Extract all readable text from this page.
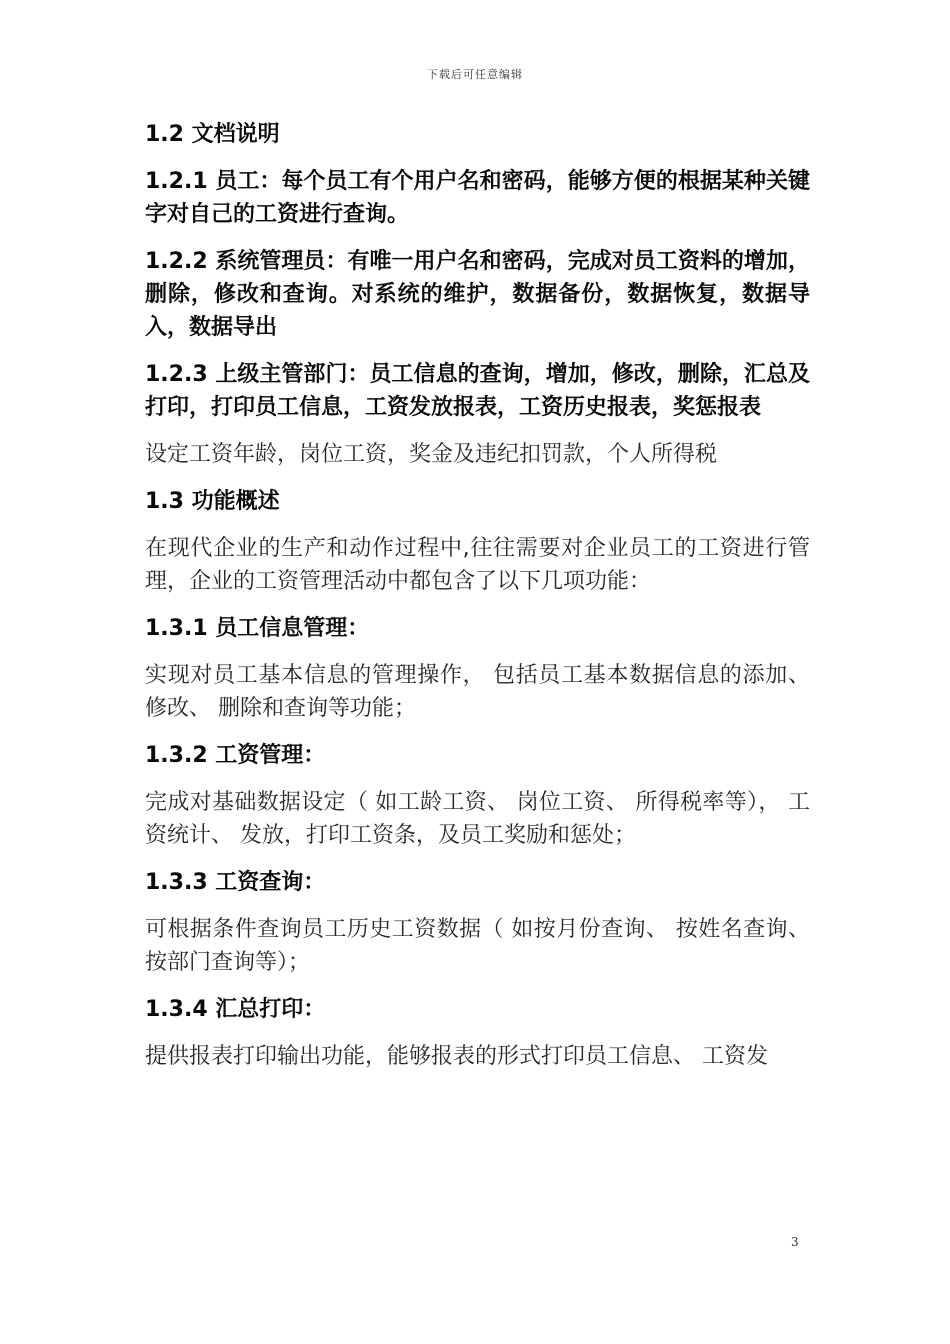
下载后可任意编辑

1.2 文档说明

1.2.1 员工：每个员工有个用户名和密码，能够方便的根据某种关键字对自己的工资进行查询。

1.2.2 系统管理员：有唯一用户名和密码，完成对员工资料的增加，删除，修改和查询。对系统的维护，数据备份，数据恢复，数据导入，数据导出

1.2.3 上级主管部门：员工信息的查询，增加，修改，删除，汇总及打印，打印员工信息，工资发放报表，工资历史报表，奖惩报表

设定工资年龄，岗位工资，奖金及违纪扣罚款，个人所得税

1.3 功能概述

在现代企业的生产和动作过程中,往往需要对企业员工的工资进行管理，企业的工资管理活动中都包含了以下几项功能：

1.3.1 员工信息管理：

实现对员工基本信息的管理操作， 包括员工基本数据信息的添加、 修改、 删除和查询等功能；

1.3.2 工资管理：

完成对基础数据设定（ 如工龄工资、 岗位工资、 所得税率等）， 工资统计、 发放，打印工资条，及员工奖励和惩处；

1.3.3 工资查询：

可根据条件查询员工历史工资数据（ 如按月份查询、 按姓名查询、 按部门查询等）；

1.3.4 汇总打印：

提供报表打印输出功能，能够报表的形式打印员工信息、 工资发

3
